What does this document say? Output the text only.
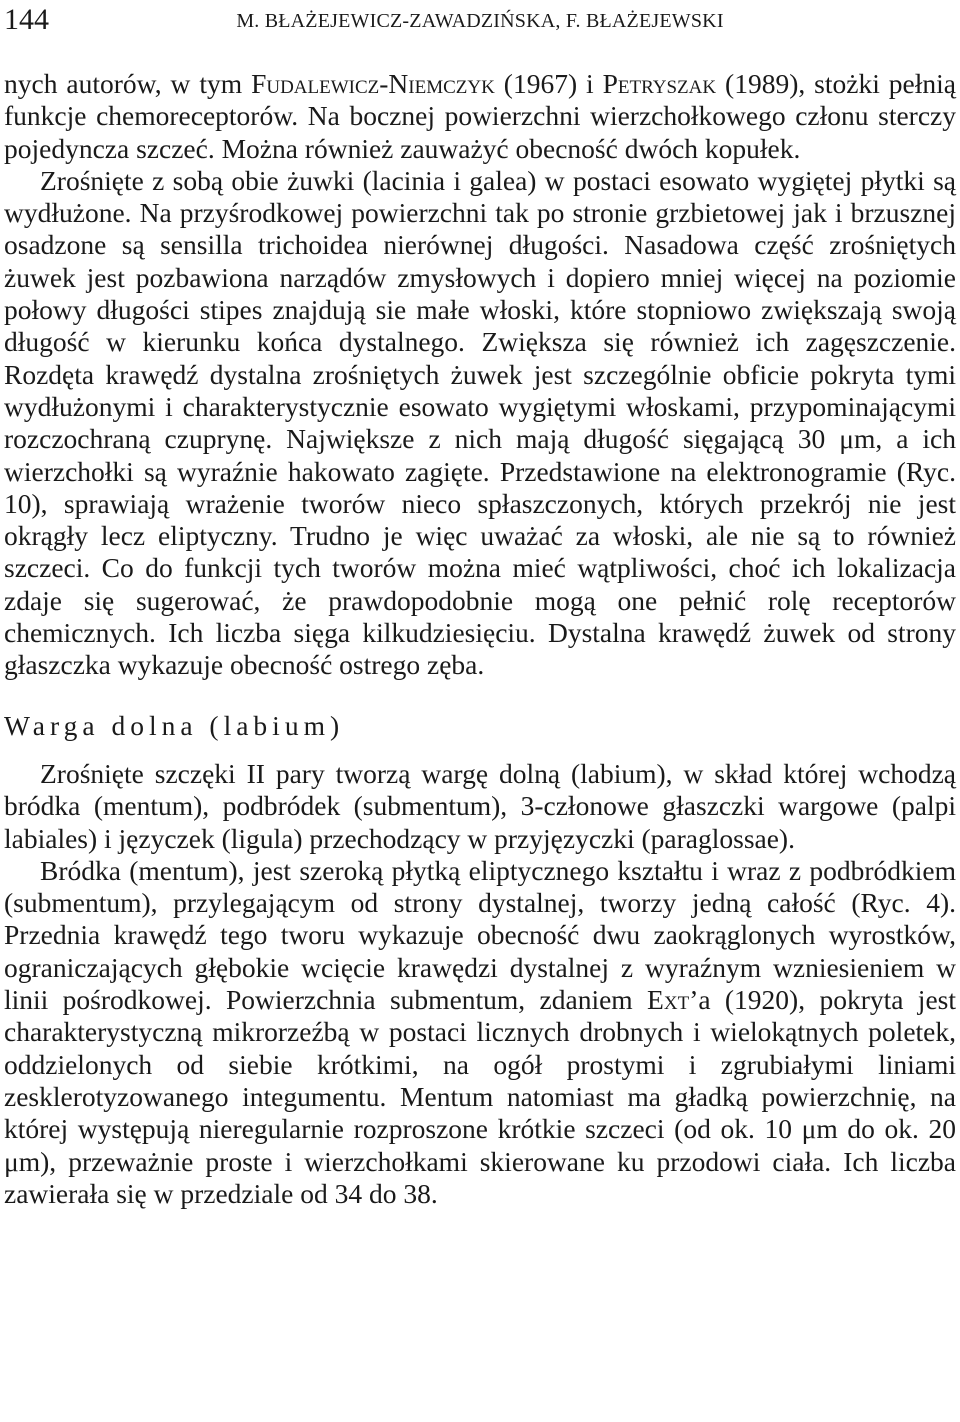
144	M. BŁAŻEJEWICZ-ZAWADZIŃSKA, F. BŁAŻEJEWSKI

nych autorów, w tym Fudalewicz-Niemczyk (1967) i Petryszak (1989), stożki pełnią funkcje chemoreceptorów. Na bocznej powierzchni wierzchołkowego członu sterczy pojedyncza szczeć. Można również zauważyć obecność dwóch kopułek.

Zrośnięte z sobą obie żuwki (lacinia i galea) w postaci esowato wygiętej płytki są wydłużone. Na przyśrodkowej powierzchni tak po stronie grzbietowej jak i brzusznej osadzone są sensilla trichoidea nierównej długości. Nasadowa część zrośniętych żuwek jest pozbawiona narządów zmysłowych i dopiero mniej więcej na poziomie połowy długości stipes znajdują sie małe włoski, które stopniowo zwiększają swoją długość w kierunku końca dystalnego. Zwiększa się również ich zagęszczenie. Rozdęta krawędź dystalna zrośniętych żuwek jest szczególnie obficie pokryta tymi wydłużonymi i charakterystycznie esowato wygiętymi włoskami, przypominającymi rozczochraną czuprynę. Największe z nich mają długość sięgającą 30 μm, a ich wierzchołki są wyraźnie hakowato zagięte. Przedstawione na elektronogramie (Ryc. 10), sprawiają wrażenie tworów nieco spłaszczonych, których przekrój nie jest okrągły lecz eliptyczny. Trudno je więc uważać za włoski, ale nie są to również szczeci. Co do funkcji tych tworów można mieć wątpliwości, choć ich lokalizacja zdaje się sugerować, że prawdopodobnie mogą one pełnić rolę receptorów chemicznych. Ich liczba sięga kilkudziesięciu. Dystalna krawędź żuwek od strony głaszczka wykazuje obecność ostrego zęba.

Warga dolna (labium)

Zrośnięte szczęki II pary tworzą wargę dolną (labium), w skład której wchodzą bródka (mentum), podbródek (submentum), 3-członowe głaszczki wargowe (palpi labiales) i języczek (ligula) przechodzący w przyjęzyczki (paraglossae).

Bródka (mentum), jest szeroką płytką eliptycznego kształtu i wraz z podbródkiem (submentum), przylegającym od strony dystalnej, tworzy jedną całość (Ryc. 4). Przednia krawędź tego tworu wykazuje obecność dwu zaokrąglonych wyrostków, ograniczających głębokie wcięcie krawędzi dystalnej z wyraźnym wzniesieniem w linii pośrodkowej. Powierzchnia submentum, zdaniem Ext’a (1920), pokryta jest charakterystyczną mikrorzeźbą w postaci licznych drobnych i wielokątnych poletek, oddzielonych od siebie krótkimi, na ogół prostymi i zgrubiałymi liniami zesklerotyzowanego integumentu. Mentum natomiast ma gładką powierzchnię, na której występują nieregularnie rozproszone krótkie szczeci (od ok. 10 μm do ok. 20 μm), przeważnie proste i wierzchołkami skierowane ku przodowi ciała. Ich liczba zawierała się w przedziale od 34 do 38.
